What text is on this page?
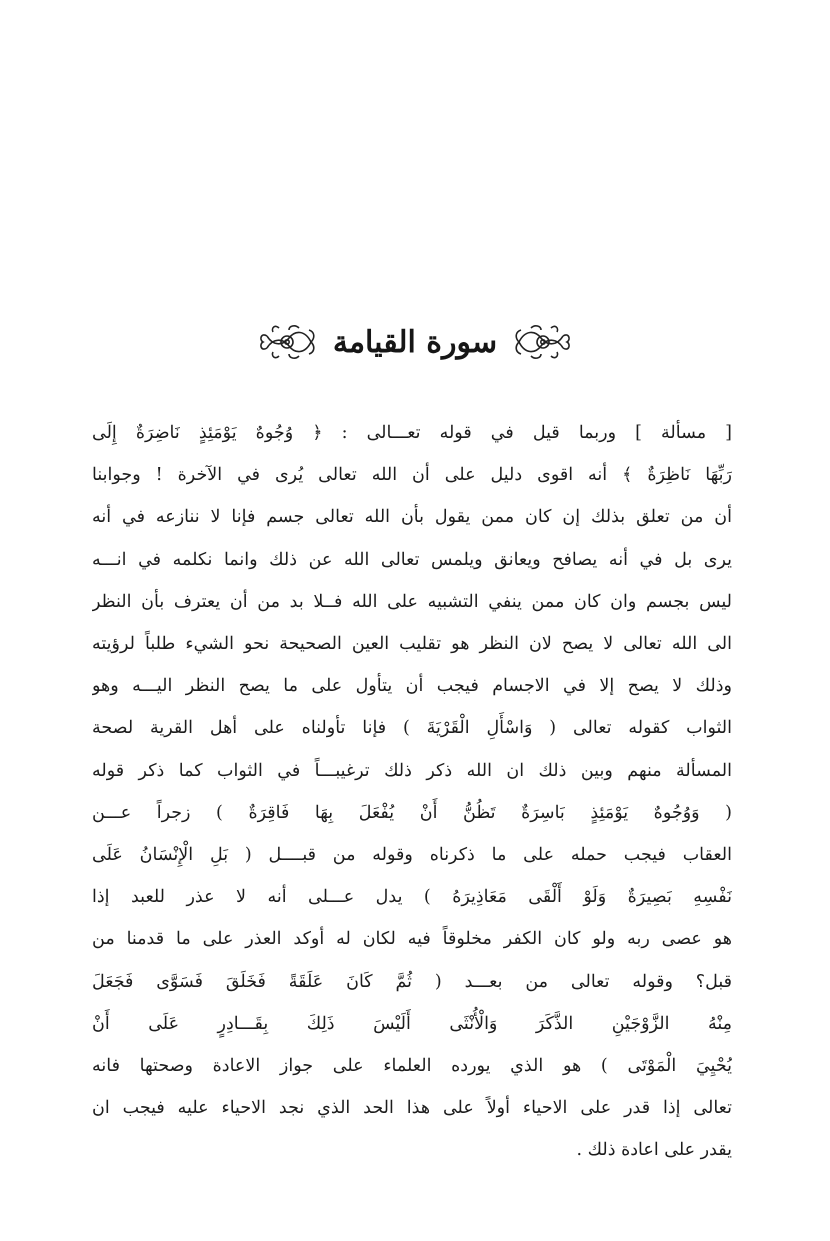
سورة القيامة
[ مسألة ] وربما قيل في قوله تعـــالى : ﴿ وُجُوهٌ يَوْمَئِذٍ نَاضِرَةٌ إِلَى
رَبِّهَا نَاظِرَةٌ ﴾ أنه اقوى دليل على أن الله تعالى يُرى في الآخرة ! وجوابنا
أن من تعلق بذلك إن كان ممن يقول بأن الله تعالى جسم فإنا لا ننازعه في أنه
يرى بل في أنه يصافح ويعانق ويلمس تعالى الله عن ذلك وانما نكلمه في انـــه
ليس بجسم وان كان ممن ينفي التشبيه على الله فــلا بد من أن يعترف بأن النظر
الى الله تعالى لا يصح لان النظر هو تقليب العين الصحيحة نحو الشيء طلباً لرؤيته
وذلك لا يصح إلا في الاجسام فيجب أن يتأول على ما يصح النظر اليـــه وهو
الثواب كقوله تعالى ( وَاسْأَلِ الْقَرْيَةَ ) فإنا تأولناه على أهل القرية لصحة
المسألة منهم وبين ذلك ان الله ذكر ذلك ترغيبـــاً في الثواب كما ذكر قوله
( وَوُجُوهٌ يَوْمَئِذٍ بَاسِرَةٌ تَظُنُّ أَنْ يُفْعَلَ بِهَا فَاقِرَةٌ ) زجراً عـــن
العقاب فيجب حمله على ما ذكرناه وقوله من قبــــل ( بَلِ الْإِنْسَانُ عَلَى
نَفْسِهِ بَصِيرَةٌ وَلَوْ أَلْقَى مَعَاذِيرَهُ ) يدل عـــلى أنه لا عذر للعبد إذا
هو عصى ربه ولو كان الكفر مخلوقاً فيه لكان له أوكد العذر على ما قدمنا من
قبل؟ وقوله تعالى من بعـــد ( ثُمَّ كَانَ عَلَقَةً فَخَلَقَ فَسَوَّى فَجَعَلَ
مِنْهُ الزَّوْجَيْنِ الذَّكَرَ وَالْأُنْثَى أَلَيْسَ ذَلِكَ بِقَـــادِرٍ عَلَى أَنْ
يُحْيِيَ الْمَوْتَى ) هو الذي يورده العلماء على جواز الاعادة وصحتها فانه
تعالى إذا قدر على الاحياء أولاً على هذا الحد الذي نجد الاحياء عليه فيجب ان
يقدر على اعادة ذلك .
